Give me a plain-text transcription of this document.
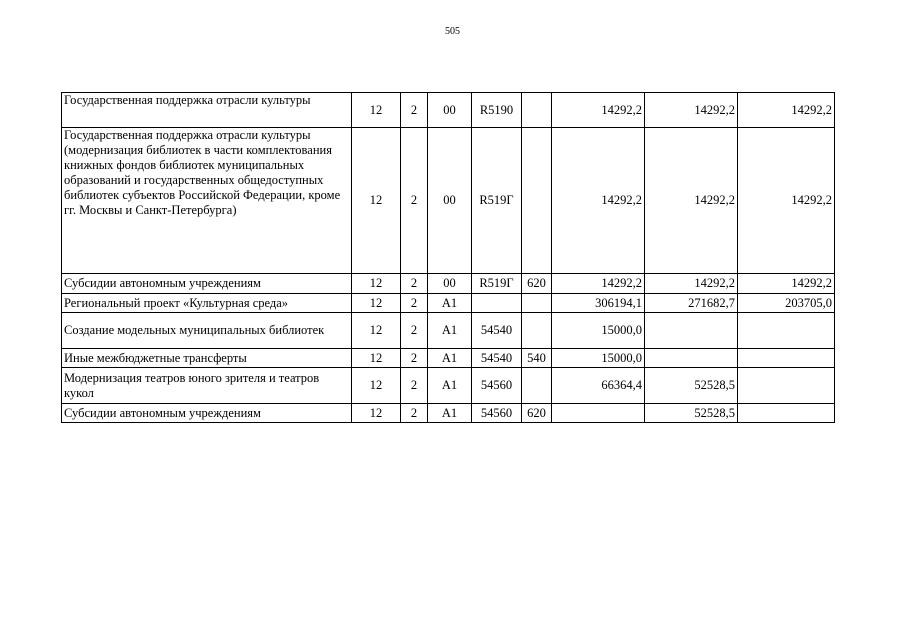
505
Государственная поддержка отрасли культуры	12	2	00	R5190		14292,2	14292,2	14292,2
Государственная поддержка отрасли культуры (модернизация библиотек в части комплектования книжных фондов библиотек муниципальных образований и государственных общедоступных библиотек субъектов Российской Федерации, кроме гг. Москвы и Санкт-Петербурга)	12	2	00	R519Г		14292,2	14292,2	14292,2
Субсидии автономным учреждениям	12	2	00	R519Г	620	14292,2	14292,2	14292,2
Региональный проект «Культурная среда»	12	2	А1			306194,1	271682,7	203705,0
Создание модельных муниципальных библиотек	12	2	А1	54540		15000,0		
Иные межбюджетные трансферты	12	2	А1	54540	540	15000,0		
Модернизация театров юного зрителя и театров кукол	12	2	А1	54560		66364,4	52528,5	
Субсидии автономным учреждениям	12	2	А1	54560	620		52528,5	
